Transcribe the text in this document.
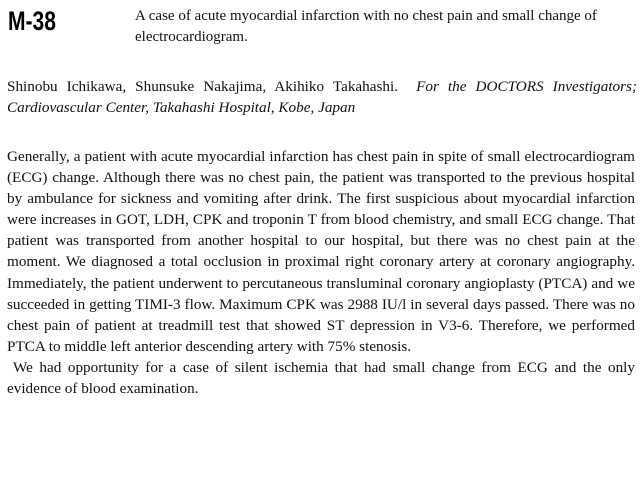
M-38	A case of acute myocardial infarction with no chest pain and small change of electrocardiogram.
Shinobu Ichikawa, Shunsuke Nakajima, Akihiko Takahashi. For the DOCTORS Investigators; Cardiovascular Center, Takahashi Hospital, Kobe, Japan

Generally, a patient with acute myocardial infarction has chest pain in spite of small electrocardiogram (ECG) change. Although there was no chest pain, the patient was transported to the previous hospital by ambulance for sickness and vomiting after drink. The first suspicious about myocardial infarction were increases in GOT, LDH, CPK and troponin T from blood chemistry, and small ECG change. That patient was transported from another hospital to our hospital, but there was no chest pain at the moment. We diagnosed a total occlusion in proximal right coronary artery at coronary angiography. Immediately, the patient underwent to percutaneous transluminal coronary angioplasty (PTCA) and we succeeded in getting TIMI-3 flow. Maximum CPK was 2988 IU/l in several days passed. There was no chest pain of patient at treadmill test that showed ST depression in V3-6. Therefore, we performed PTCA to middle left anterior descending artery with 75% stenosis.

We had opportunity for a case of silent ischemia that had small change from ECG and the only evidence of blood examination.
